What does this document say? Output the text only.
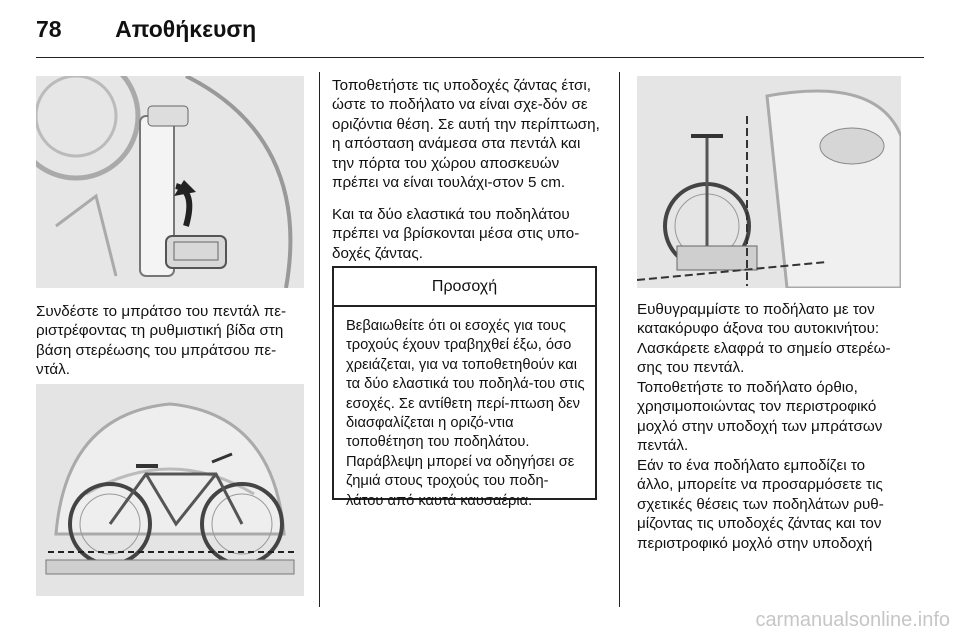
78 Αποθήκευση

Συνδέστε το μπράτσο του πεντάλ πε-ριστρέφοντας τη ρυθμιστική βίδα στη βάση στερέωσης του μπράτσου πε-ντάλ.

Τοποθετήστε τις υποδοχές ζάντας έτσι, ώστε το ποδήλατο να είναι σχε-δόν σε οριζόντια θέση. Σε αυτή την περίπτωση, η απόσταση ανάμεσα στα πεντάλ και την πόρτα του χώρου αποσκευών πρέπει να είναι τουλάχι-στον 5 cm.

Και τα δύο ελαστικά του ποδηλάτου πρέπει να βρίσκονται μέσα στις υπο-δοχές ζάντας.

Προσοχή

Βεβαιωθείτε ότι οι εσοχές για τους τροχούς έχουν τραβηχθεί έξω, όσο χρειάζεται, για να τοποθετηθούν και τα δύο ελαστικά του ποδηλά-του στις εσοχές. Σε αντίθετη περί-πτωση δεν διασφαλίζεται η οριζό-ντια τοποθέτηση του ποδηλάτου. Παράβλεψη μπορεί να οδηγήσει σε ζημιά στους τροχούς του ποδη-λάτου από καυτά καυσαέρια.

Ευθυγραμμίστε το ποδήλατο με τον κατακόρυφο άξονα του αυτοκινήτου: Λασκάρετε ελαφρά το σημείο στερέω-σης του πεντάλ.

Τοποθετήστε το ποδήλατο όρθιο, χρησιμοποιώντας τον περιστροφικό μοχλό στην υποδοχή των μπράτσων πεντάλ.

Εάν το ένα ποδήλατο εμποδίζει το άλλο, μπορείτε να προσαρμόσετε τις σχετικές θέσεις των ποδηλάτων ρυθ-μίζοντας τις υποδοχές ζάντας και τον περιστροφικό μοχλό στην υποδοχή

carmanualsonline.info
